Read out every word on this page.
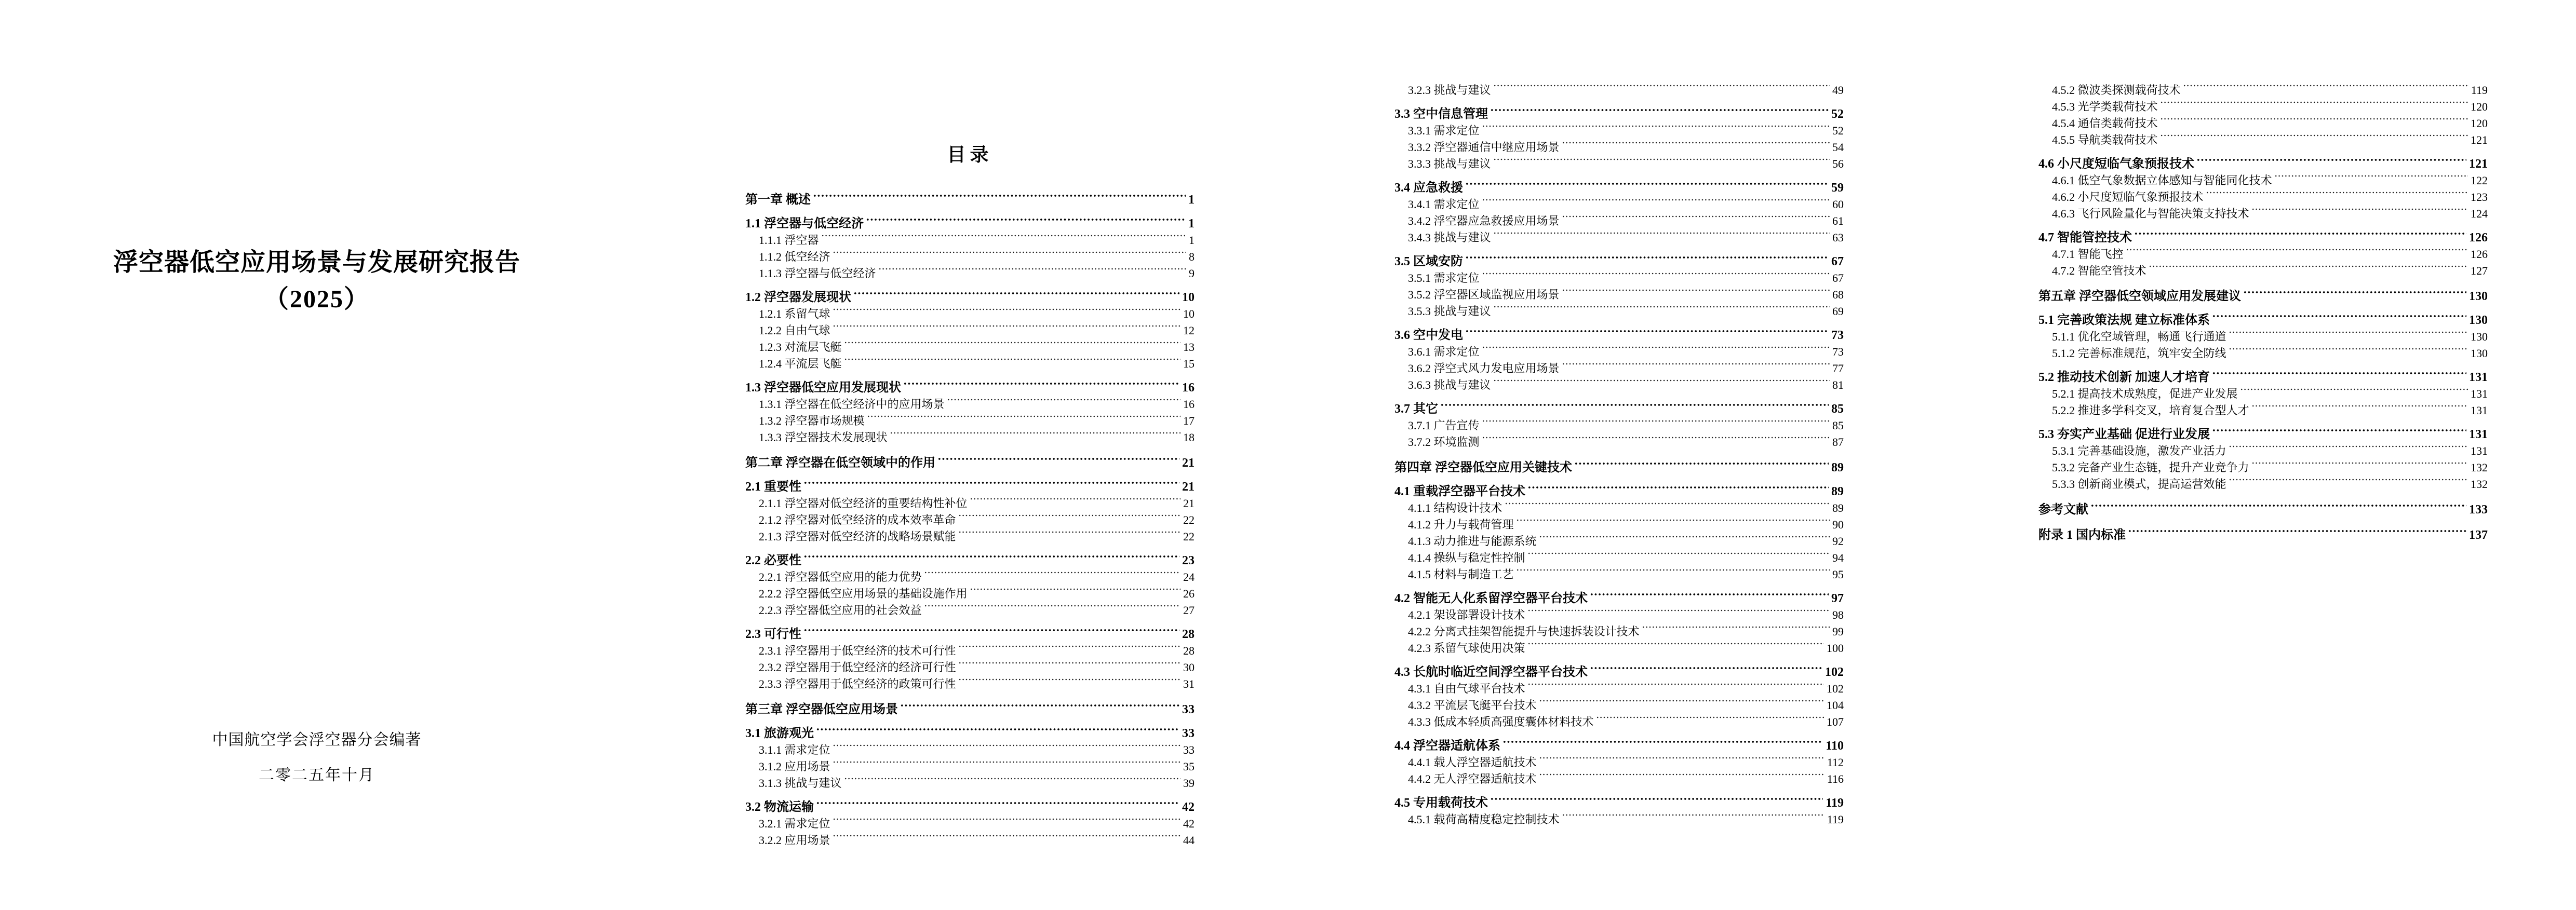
浮空器低空应用场景与发展研究报告
（2025）
中国航空学会浮空器分会编著
二零二五年十月
目录
第一章 概述	1
1.1 浮空器与低空经济	1
1.1.1 浮空器	1
1.1.2 低空经济	8
1.1.3 浮空器与低空经济	9
1.2 浮空器发展现状	10
1.2.1 系留气球	10
1.2.2 自由气球	12
1.2.3 对流层飞艇	13
1.2.4 平流层飞艇	15
1.3 浮空器低空应用发展现状	16
1.3.1 浮空器在低空经济中的应用场景	16
1.3.2 浮空器市场规模	17
1.3.3 浮空器技术发展现状	18
第二章 浮空器在低空领域中的作用	21
2.1 重要性	21
2.1.1 浮空器对低空经济的重要结构性补位	21
2.1.2 浮空器对低空经济的成本效率革命	22
2.1.3 浮空器对低空经济的战略场景赋能	22
2.2 必要性	23
2.2.1 浮空器低空应用的能力优势	24
2.2.2 浮空器低空应用场景的基础设施作用	26
2.2.3 浮空器低空应用的社会效益	27
2.3 可行性	28
2.3.1 浮空器用于低空经济的技术可行性	28
2.3.2 浮空器用于低空经济的经济可行性	30
2.3.3 浮空器用于低空经济的政策可行性	31
第三章 浮空器低空应用场景	33
3.1 旅游观光	33
3.1.1 需求定位	33
3.1.2 应用场景	35
3.1.3 挑战与建议	39
3.2 物流运输	42
3.2.1 需求定位	42
3.2.2 应用场景	44
3.2.3 挑战与建议	49
3.3 空中信息管理	52
3.3.1 需求定位	52
3.3.2 浮空器通信中继应用场景	54
3.3.3 挑战与建议	56
3.4 应急救援	59
3.4.1 需求定位	60
3.4.2 浮空器应急救援应用场景	61
3.4.3 挑战与建议	63
3.5 区域安防	67
3.5.1 需求定位	67
3.5.2 浮空器区域监视应用场景	68
3.5.3 挑战与建议	69
3.6 空中发电	73
3.6.1 需求定位	73
3.6.2 浮空式风力发电应用场景	77
3.6.3 挑战与建议	81
3.7 其它	85
3.7.1 广告宣传	85
3.7.2 环境监测	87
第四章 浮空器低空应用关键技术	89
4.1 重载浮空器平台技术	89
4.1.1 结构设计技术	89
4.1.2 升力与载荷管理	90
4.1.3 动力推进与能源系统	92
4.1.4 操纵与稳定性控制	94
4.1.5 材料与制造工艺	95
4.2 智能无人化系留浮空器平台技术	97
4.2.1 架设部署设计技术	98
4.2.2 分离式挂架智能提升与快速拆装设计技术	99
4.2.3 系留气球使用决策	100
4.3 长航时临近空间浮空器平台技术	102
4.3.1 自由气球平台技术	102
4.3.2 平流层飞艇平台技术	104
4.3.3 低成本轻质高强度囊体材料技术	107
4.4 浮空器适航体系	110
4.4.1 载人浮空器适航技术	112
4.4.2 无人浮空器适航技术	116
4.5 专用载荷技术	119
4.5.1 载荷高精度稳定控制技术	119
4.5.2 微波类探测载荷技术	119
4.5.3 光学类载荷技术	120
4.5.4 通信类载荷技术	120
4.5.5 导航类载荷技术	121
4.6 小尺度短临气象预报技术	121
4.6.1 低空气象数据立体感知与智能同化技术	122
4.6.2 小尺度短临气象预报技术	123
4.6.3 飞行风险量化与智能决策支持技术	124
4.7 智能管控技术	126
4.7.1 智能飞控	126
4.7.2 智能空管技术	127
第五章 浮空器低空领域应用发展建议	130
5.1 完善政策法规 建立标准体系	130
5.1.1 优化空域管理，畅通飞行通道	130
5.1.2 完善标准规范，筑牢安全防线	130
5.2 推动技术创新 加速人才培育	131
5.2.1 提高技术成熟度，促进产业发展	131
5.2.2 推进多学科交叉，培育复合型人才	131
5.3 夯实产业基础 促进行业发展	131
5.3.1 完善基础设施，激发产业活力	131
5.3.2 完备产业生态链，提升产业竞争力	132
5.3.3 创新商业模式，提高运营效能	132
参考文献	133
附录 1 国内标准	137
